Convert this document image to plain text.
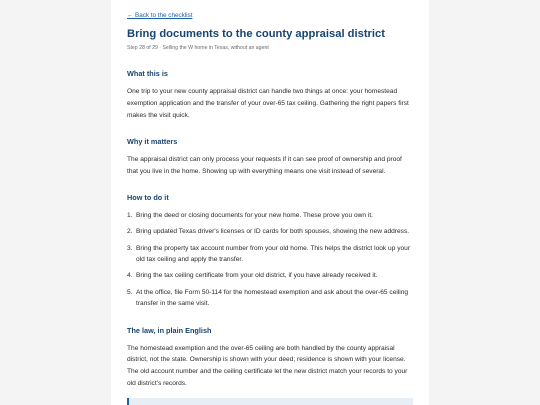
← Back to the checklist
Bring documents to the county appraisal district
Step 28 of 29 · Selling the W home in Texas, without an agent
What this is

One trip to your new county appraisal district can handle two things at once: your homestead exemption application and the transfer of your over-65 tax ceiling. Gathering the right papers first makes the visit quick.

Why it matters

The appraisal district can only process your requests if it can see proof of ownership and proof that you live in the home. Showing up with everything means one visit instead of several.

How to do it
1. Bring the deed or closing documents for your new home. These prove you own it.
2. Bring updated Texas driver's licenses or ID cards for both spouses, showing the new address.
3. Bring the property tax account number from your old home. This helps the district look up your old tax ceiling and apply the transfer.
4. Bring the tax ceiling certificate from your old district, if you have already received it.
5. At the office, file Form 50-114 for the homestead exemption and ask about the over-65 ceiling transfer in the same visit.
The law, in plain English

The homestead exemption and the over-65 ceiling are both handled by the county appraisal district, not the state. Ownership is shown with your deed; residence is shown with your license. The old account number and the ceiling certificate let the new district match your records to your old district's records.
